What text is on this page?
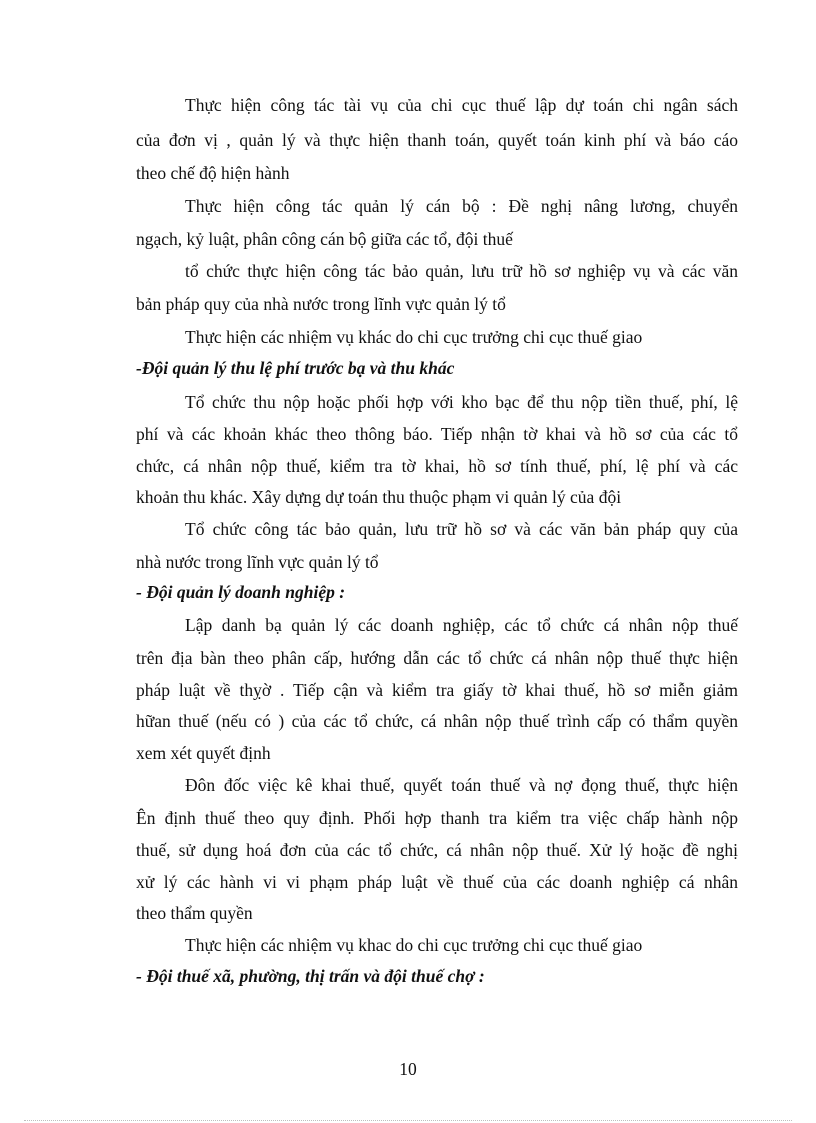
Thực hiện công tác tài vụ của chi cục thuế lập dự toán chi ngân sách
của đơn vị , quản lý và thực hiện thanh toán, quyết toán kinh phí và báo cáo
theo chế độ hiện hành
Thực hiện công tác quản lý cán bộ : Đề nghị nâng lương, chuyển
ngạch, kỷ luật, phân công cán bộ giữa các tổ, đội thuế
tổ chức thực hiện công tác bảo quản, lưu trữ hồ sơ nghiệp vụ và các văn
bản pháp quy của nhà nước trong lĩnh vực quản lý tổ
Thực hiện các nhiệm vụ khác do chi cục trưởng chi cục thuế giao
-Đội quản lý thu lệ phí trước bạ và thu khác
Tổ chức thu nộp hoặc phối hợp với kho bạc để thu nộp tiền thuế, phí, lệ
phí và các khoản khác theo thông báo. Tiếp nhận tờ khai và hồ sơ của các tổ
chức, cá nhân nộp thuế, kiểm tra tờ khai, hồ sơ tính thuế, phí, lệ phí và các
khoản thu khác. Xây dựng dự toán thu thuộc phạm vi quản lý của đội
Tổ chức công tác bảo quản, lưu trữ hồ sơ và các văn bản pháp quy của
nhà nước trong lĩnh vực quản lý tổ
- Đội quản lý doanh nghiệp :
Lập danh bạ quản lý các doanh nghiệp, các tổ chức cá nhân nộp thuế
trên địa bàn theo phân cấp, hướng dẫn các tổ chức cá nhân nộp thuế thực hiện
pháp luật về thỵờ . Tiếp cận và kiểm tra giấy tờ khai thuế, hồ sơ miễn giảm
hữan thuế (nếu có ) của các tổ chức, cá nhân nộp thuế trình cấp có thẩm quyền
xem xét quyết định
Đôn đốc việc kê khai thuế, quyết toán thuế và nợ đọng thuế, thực hiện
Ên định thuế theo quy định. Phối hợp thanh tra kiểm tra việc chấp hành nộp
thuế, sử dụng hoá đơn của các tổ chức, cá nhân nộp thuế. Xử lý hoặc đề nghị
xử lý các hành vi vi phạm pháp luật về thuế của các doanh nghiệp cá nhân
theo thẩm quyền
Thực hiện các nhiệm vụ khac do chi cục trưởng chi cục thuế giao
- Đội thuế xã, phường, thị trấn và đội thuế chợ :
10
